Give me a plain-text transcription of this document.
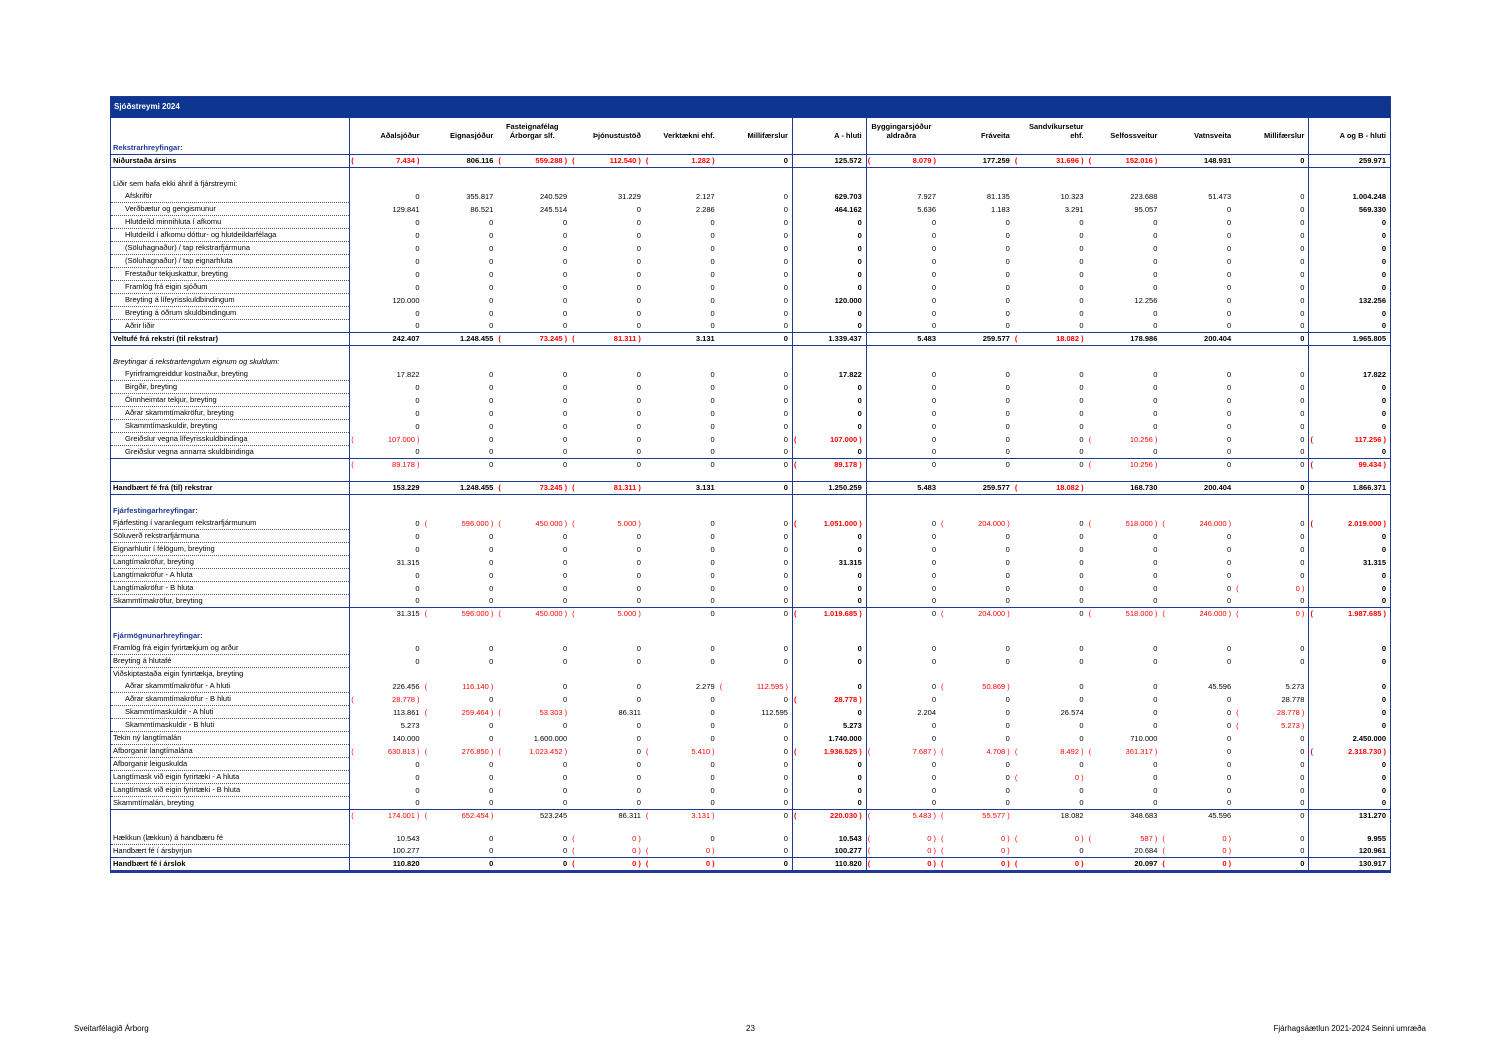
Sjóðstreymi 2024
	Aðalsjóður	Eignasjóður	Fasteignafélag Árborgar slf.	Þjónustustöð	Verktækni ehf.	Millifærslur	A - hluti	Byggingarsjóður aldraðra	Fráveita	Sandvíkursetur ehf.	Selfossveitur	Vatnsveita	Millifærslur	A og B - hluti
Rekstrarhreyfingar:														
Niðurstaða ársins	( 7.434 )	806.116	( 559.288 )	( 112.540 )	( 1.282 )	0	125.572	( 8.079 )	177.259	( 31.696 )	( 152.016 )	148.931	0	259.971

Liðir sem hafa ekki áhrif á fjárstreymi:														
Afskriftir	0	355.817	240.529	31.229	2.127	0	629.703	7.927	81.135	10.323	223.688	51.473	0	1.004.248
Verðbætur og gengismunur	129.841	86.521	245.514	0	2.286	0	464.162	5.636	1.183	3.291	95.057	0	0	569.330
Hlutdeild minnihluta í afkomu	0	0	0	0	0	0	0	0	0	0	0	0	0	0
Hlutdeild í afkomu dóttur- og hlutdeildarfélaga	0	0	0	0	0	0	0	0	0	0	0	0	0	0
(Söluhagnaður) / tap rekstrarfjármuna	0	0	0	0	0	0	0	0	0	0	0	0	0	0
(Söluhagnaður) / tap eignarhluta	0	0	0	0	0	0	0	0	0	0	0	0	0	0
Frestaður tekjuskattur, breyting	0	0	0	0	0	0	0	0	0	0	0	0	0	0
Framlög frá eigin sjóðum	0	0	0	0	0	0	0	0	0	0	0	0	0	0
Breyting á lífeyrisskuldbindingum	120.000	0	0	0	0	0	120.000	0	0	0	12.256	0	0	132.256
Breyting á öðrum skuldbindingum	0	0	0	0	0	0	0	0	0	0	0	0	0	0
Aðrir liðir	0	0	0	0	0	0	0	0	0	0	0	0	0	0
Veltufé frá rekstri (til rekstrar)	242.407	1.248.455	( 73.245 )	( 81.311 )	3.131	0	1.339.437	5.483	259.577	( 18.082 )	178.986	200.404	0	1.965.805

Breytingar á rekstrartengdum eignum og skuldum:														
Fyrirframgreiddur kostnaður, breyting	17.822	0	0	0	0	0	17.822	0	0	0	0	0	0	17.822
Birgðir, breyting	0	0	0	0	0	0	0	0	0	0	0	0	0	0
Óinnheimtar tekjur, breyting	0	0	0	0	0	0	0	0	0	0	0	0	0	0
Aðrar skammtímakröfur, breyting	0	0	0	0	0	0	0	0	0	0	0	0	0	0
Skammtímaskuldir, breyting	0	0	0	0	0	0	0	0	0	0	0	0	0	0
Greiðslur vegna lífeyrisskuldbindinga	( 107.000 )	0	0	0	0	0	( 107.000 )	0	0	0	( 10.256 )	0	0	( 117.256 )
Greiðslur vegna annarra skuldbindinga	0	0	0	0	0	0	0	0	0	0	0	0	0	0
	( 89.178 )	0	0	0	0	0	( 89.178 )	0	0	0	( 10.256 )	0	0	( 99.434 )

Handbært fé frá (til) rekstrar	153.229	1.248.455	( 73.245 )	( 81.311 )	3.131	0	1.250.259	5.483	259.577	( 18.082 )	168.730	200.404	0	1.866.371

Fjárfestingarhreyfingar:														
Fjárfesting í varanlegum rekstrarfjármunum	0	( 596.000 )	( 450.000 )	( 5.000 )	0	0	( 1.051.000 )	0	( 204.000 )	0	( 518.000 )	( 246.000 )	0	( 2.019.000 )
Söluverð rekstrarfjármuna	0	0	0	0	0	0	0	0	0	0	0	0	0	0
Eignarhlutir í félögum, breyting	0	0	0	0	0	0	0	0	0	0	0	0	0	0
Langtímakröfur, breyting	31.315	0	0	0	0	0	31.315	0	0	0	0	0	0	31.315
Langtímakröfur - A hluta	0	0	0	0	0	0	0	0	0	0	0	0	0	0
Langtímakröfur - B hluta	0	0	0	0	0	0	0	0	0	0	0	0	( 0 )	0
Skammtímakröfur, breyting	0	0	0	0	0	0	0	0	0	0	0	0	0	0
	31.315	( 596.000 )	( 450.000 )	( 5.000 )	0	0	( 1.019.685 )	0	( 204.000 )	0	( 518.000 )	( 246.000 )	( 0 )	( 1.987.685 )

Fjármögnunarhreyfingar:														
Framlög frá eigin fyrirtækjum og arður	0	0	0	0	0	0	0	0	0	0	0	0	0	0
Breyting á hlutafé	0	0	0	0	0	0	0	0	0	0	0	0	0	0
Viðskiptastaða eigin fyrirtækja, breyting														
Aðrar skammtímakröfur - A hluti	226.456	( 116.140 )	0	0	2.279	( 112.595 )	0	0	( 50.869 )	0	0	45.596	5.273	0
Aðrar skammtímakröfur - B hluti	( 28.778 )	0	0	0	0	0	( 28.778 )	0	0	0	0	0	28.778	0
Skammtímaskuldir - A hluti	113.861	( 259.464 )	( 53.303 )	86.311	0	112.595	0	2.204	0	26.574	0	0	( 28.778 )	0
Skammtímaskuldir - B hluti	5.273	0	0	0	0	0	5.273	0	0	0	0	0	( 5.273 )	0
Tekin ný langtímalán	140.000	0	1.600.000	0	0	0	1.740.000	0	0	0	710.000	0	0	2.450.000
Afborganir langtímalána	( 630.813 )	( 276.850 )	( 1.023.452 )	0	( 5.410 )	0	( 1.936.525 )	( 7.687 )	( 4.708 )	( 8.492 )	( 361.317 )	0	0	( 2.318.730 )
Afborganir leiguskulda	0	0	0	0	0	0	0	0	0	0	0	0	0	0
Langtímask við eigin fyrirtæki - A hluta	0	0	0	0	0	0	0	0	0	( 0 )	0	0	0	0
Langtímask við eigin fyrirtæki - B hluta	0	0	0	0	0	0	0	0	0	0	0	0	0	0
Skammtímalán, breyting	0	0	0	0	0	0	0	0	0	0	0	0	0	0
	( 174.001 )	( 652.454 )	523.245	86.311	( 3.131 )	0	( 220.030 )	( 5.483 )	( 55.577 )	18.082	348.683	45.596	0	131.270

Hækkun (lækkun) á handbæru fé	10.543	0	0	( 0 )	0	0	10.543	( 0 )	( 0 )	( 0 )	( 587 )	( 0 )	0	9.955
Handbært fé í ársbyrjun	100.277	0	0	( 0 )	( 0 )	0	100.277	( 0 )	( 0 )	0	20.684	( 0 )	0	120.961
Handbært fé í árslok	110.820	0	0	( 0 )	( 0 )	0	110.820	( 0 )	( 0 )	( 0 )	20.097	( 0 )	0	130.917
Sveitarfélagið Árborg	23	Fjárhagsáætlun 2021-2024 Seinni umræða
